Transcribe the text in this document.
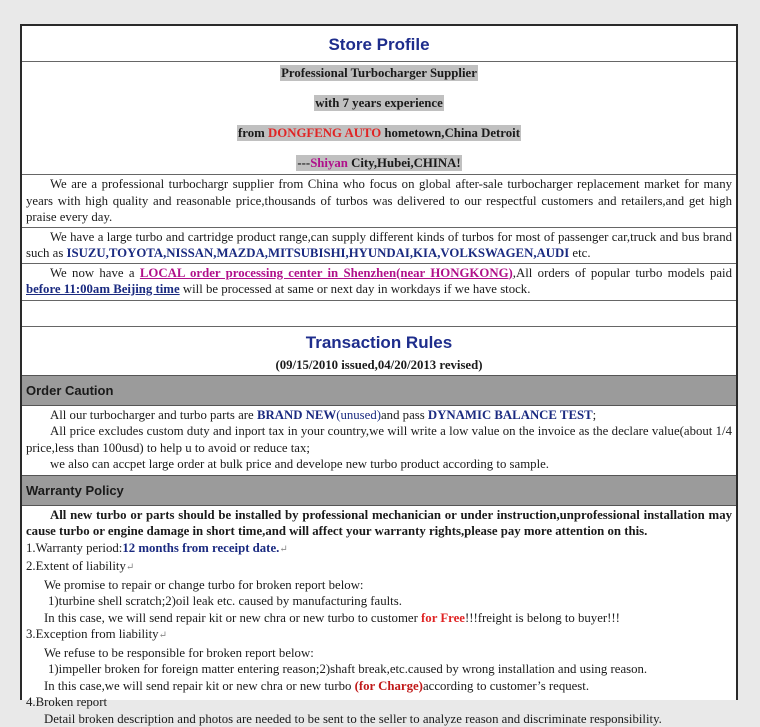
Store Profile
Professional Turbocharger Supplier
with 7 years experience
from DONGFENG AUTO hometown,China Detroit
---Shiyan City,Hubei,CHINA!
We are a professional turbochargr supplier from China who focus on global after-sale turbocharger replacement market for many years with high quality and reasonable price,thousands of turbos was delivered to our respectful customers and retailers,and get high praise every day.
We have a large turbo and cartridge product range,can supply different kinds of turbos for most of passenger car,truck and bus brand such as ISUZU,TOYOTA,NISSAN,MAZDA,MITSUBISHI,HYUNDAI,KIA,VOLKSWAGEN,AUDI etc.
We now have a LOCAL order processing center in Shenzhen(near HONGKONG),All orders of popular turbo models paid before 11:00am Beijing time will be processed at same or next day in workdays if we have stock.
Transaction Rules
(09/15/2010 issued,04/20/2013 revised)
Order Caution
All our turbocharger and turbo parts are BRAND NEW(unused)and pass DYNAMIC BALANCE TEST;
All price excludes custom duty and inport tax in your country,we will write a low value on the invoice as the declare value(about 1/4 price,less than 100usd) to help u to avoid or reduce tax;
we also can accpet large order at bulk price and develope new turbo product according to sample.
Warranty Policy
All new turbo or parts should be installed by professional mechanician or under instruction,unprofessional installation may cause turbo or engine damage in short time,and will affect your warranty rights,please pay more attention on this.
1.Warranty period:12 months from receipt date.↵
2.Extent of liability↵
We promise to repair or change turbo for broken report below:
1)turbine shell scratch;2)oil leak etc. caused by manufacturing faults.
In this case, we will send repair kit or new chra or new turbo to customer for Free!!!freight is belong to buyer!!!
3.Exception from liability↵
We refuse to be responsible for broken report below:
1)impeller broken for foreign matter entering reason;2)shaft break,etc.caused by wrong installation and using reason.
In this case,we will send repair kit or new chra or new turbo (for Charge)according to customer’s request.
4.Broken report
Detail broken description and photos are needed to be sent to the seller to analyze reason and discriminate responsibility.
